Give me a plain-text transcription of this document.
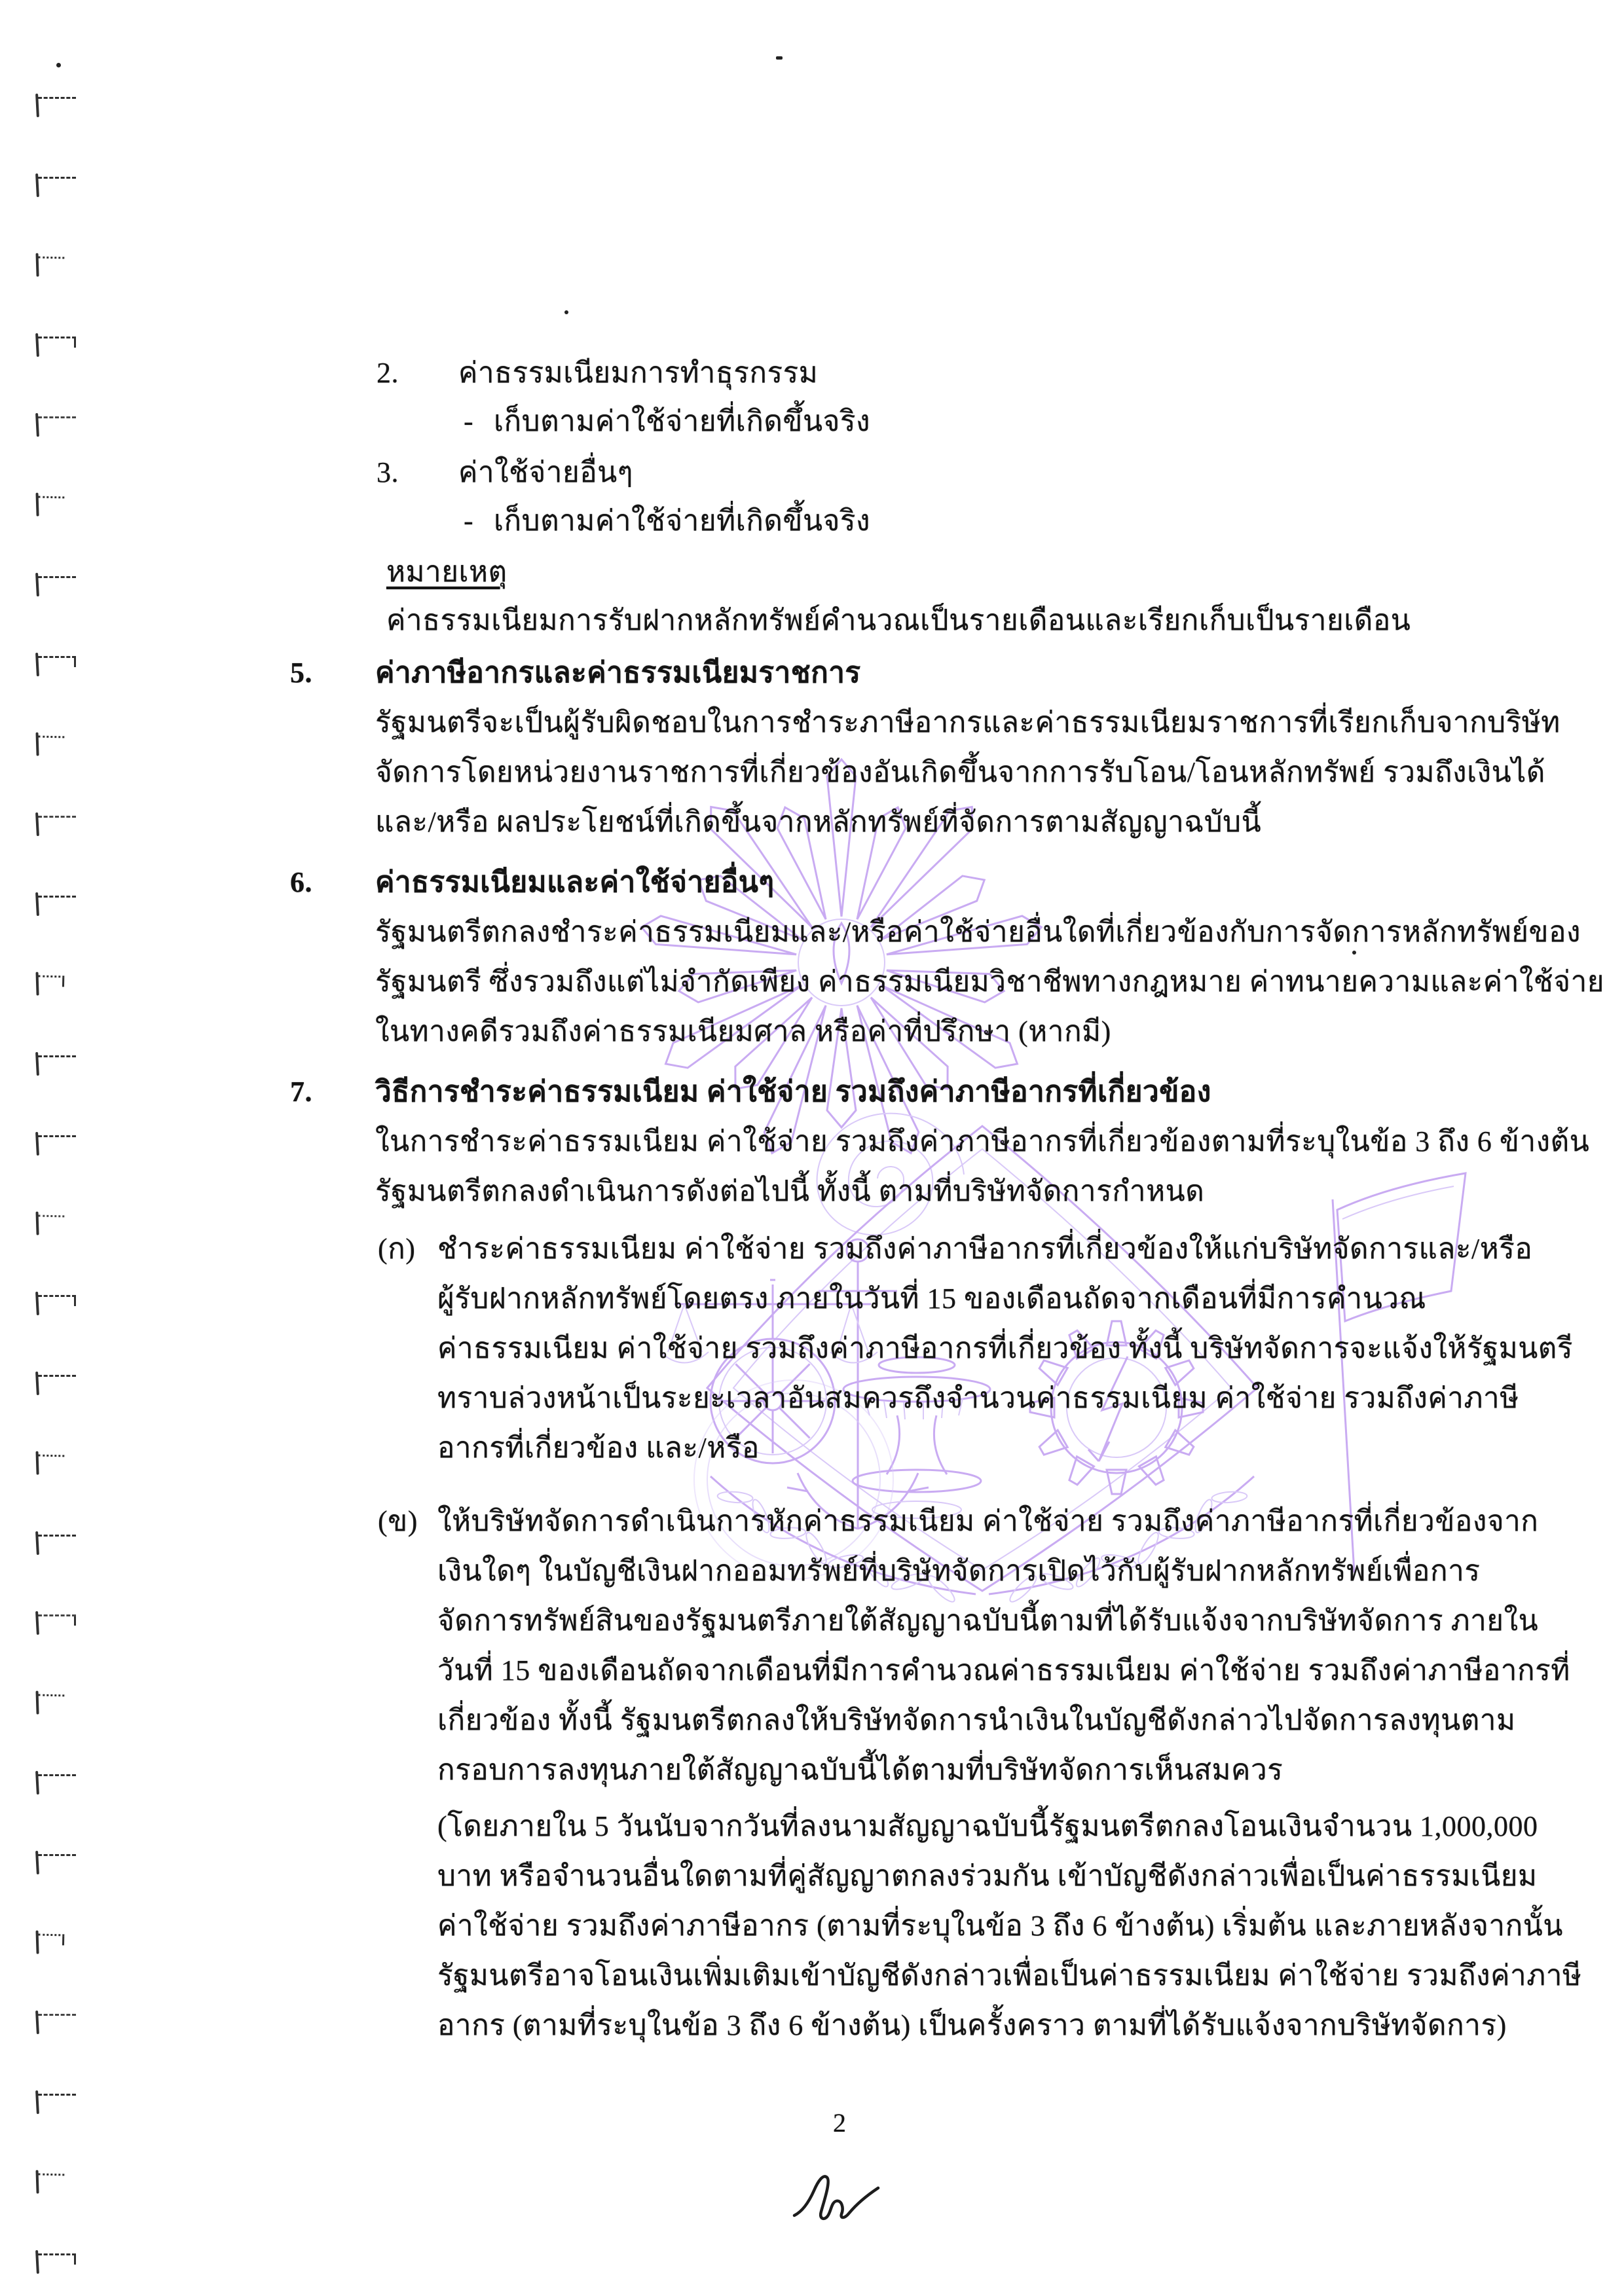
2. ค่าธรรมเนียมการทำธุรกรรม
- เก็บตามค่าใช้จ่ายที่เกิดขึ้นจริง
3. ค่าใช้จ่ายอื่นๆ
- เก็บตามค่าใช้จ่ายที่เกิดขึ้นจริง
หมายเหตุ
ค่าธรรมเนียมการรับฝากหลักทรัพย์คำนวณเป็นรายเดือนและเรียกเก็บเป็นรายเดือน
5. ค่าภาษีอากรและค่าธรรมเนียมราชการ
รัฐมนตรีจะเป็นผู้รับผิดชอบในการชำระภาษีอากรและค่าธรรมเนียมราชการที่เรียกเก็บจากบริษัท
จัดการโดยหน่วยงานราชการที่เกี่ยวข้องอันเกิดขึ้นจากการรับโอน/โอนหลักทรัพย์ รวมถึงเงินได้
และ/หรือ ผลประโยชน์ที่เกิดขึ้นจากหลักทรัพย์ที่จัดการตามสัญญาฉบับนี้
6. ค่าธรรมเนียมและค่าใช้จ่ายอื่นๆ
รัฐมนตรีตกลงชำระค่าธรรมเนียมและ/หรือค่าใช้จ่ายอื่นใดที่เกี่ยวข้องกับการจัดการหลักทรัพย์ของ
รัฐมนตรี ซึ่งรวมถึงแต่ไม่จำกัดเพียง ค่าธรรมเนียมวิชาชีพทางกฎหมาย ค่าทนายความและค่าใช้จ่าย
ในทางคดีรวมถึงค่าธรรมเนียมศาล หรือค่าที่ปรึกษา (หากมี)
7. วิธีการชำระค่าธรรมเนียม ค่าใช้จ่าย รวมถึงค่าภาษีอากรที่เกี่ยวข้อง
ในการชำระค่าธรรมเนียม ค่าใช้จ่าย รวมถึงค่าภาษีอากรที่เกี่ยวข้องตามที่ระบุในข้อ 3 ถึง 6 ข้างต้น
รัฐมนตรีตกลงดำเนินการดังต่อไปนี้ ทั้งนี้ ตามที่บริษัทจัดการกำหนด
(ก) ชำระค่าธรรมเนียม ค่าใช้จ่าย รวมถึงค่าภาษีอากรที่เกี่ยวข้องให้แก่บริษัทจัดการและ/หรือ
ผู้รับฝากหลักทรัพย์โดยตรง ภายในวันที่ 15 ของเดือนถัดจากเดือนที่มีการคำนวณ
ค่าธรรมเนียม ค่าใช้จ่าย รวมถึงค่าภาษีอากรที่เกี่ยวข้อง ทั้งนี้ บริษัทจัดการจะแจ้งให้รัฐมนตรี
ทราบล่วงหน้าเป็นระยะเวลาอันสมควรถึงจำนวนค่าธรรมเนียม ค่าใช้จ่าย รวมถึงค่าภาษี
อากรที่เกี่ยวข้อง และ/หรือ
(ข) ให้บริษัทจัดการดำเนินการหักค่าธรรมเนียม ค่าใช้จ่าย รวมถึงค่าภาษีอากรที่เกี่ยวข้องจาก
เงินใดๆ ในบัญชีเงินฝากออมทรัพย์ที่บริษัทจัดการเปิดไว้กับผู้รับฝากหลักทรัพย์เพื่อการ
จัดการทรัพย์สินของรัฐมนตรีภายใต้สัญญาฉบับนี้ตามที่ได้รับแจ้งจากบริษัทจัดการ ภายใน
วันที่ 15 ของเดือนถัดจากเดือนที่มีการคำนวณค่าธรรมเนียม ค่าใช้จ่าย รวมถึงค่าภาษีอากรที่
เกี่ยวข้อง ทั้งนี้ รัฐมนตรีตกลงให้บริษัทจัดการนำเงินในบัญชีดังกล่าวไปจัดการลงทุนตาม
กรอบการลงทุนภายใต้สัญญาฉบับนี้ได้ตามที่บริษัทจัดการเห็นสมควร
(โดยภายใน 5 วันนับจากวันที่ลงนามสัญญาฉบับนี้รัฐมนตรีตกลงโอนเงินจำนวน 1,000,000
บาท หรือจำนวนอื่นใดตามที่คู่สัญญาตกลงร่วมกัน เข้าบัญชีดังกล่าวเพื่อเป็นค่าธรรมเนียม
ค่าใช้จ่าย รวมถึงค่าภาษีอากร (ตามที่ระบุในข้อ 3 ถึง 6 ข้างต้น) เริ่มต้น และภายหลังจากนั้น
รัฐมนตรีอาจโอนเงินเพิ่มเติมเข้าบัญชีดังกล่าวเพื่อเป็นค่าธรรมเนียม ค่าใช้จ่าย รวมถึงค่าภาษี
อากร (ตามที่ระบุในข้อ 3 ถึง 6 ข้างต้น) เป็นครั้งคราว ตามที่ได้รับแจ้งจากบริษัทจัดการ)
2
